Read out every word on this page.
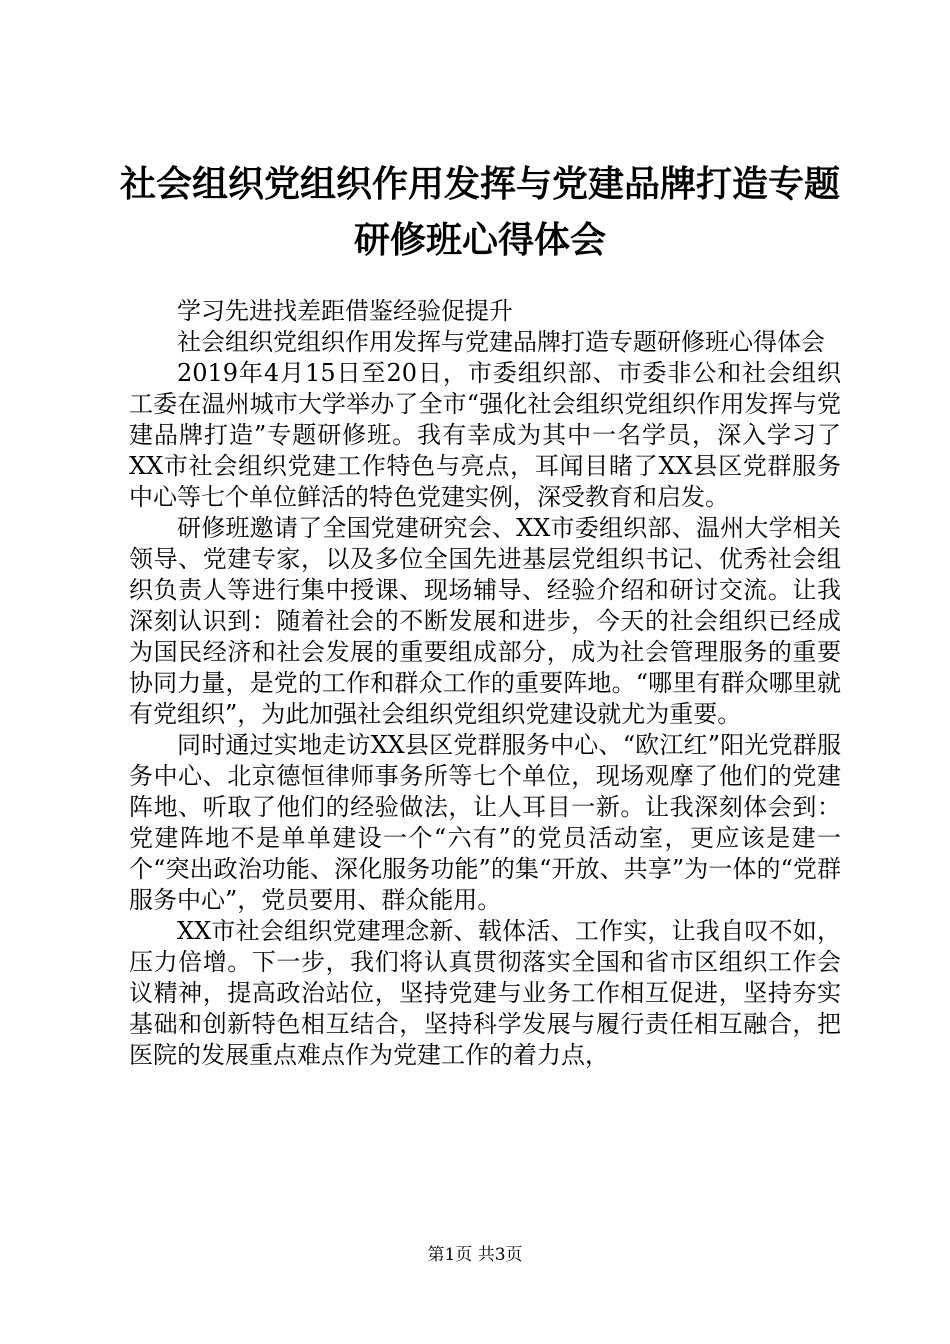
社会组织党组织作用发挥与党建品牌打造专题
研修班心得体会

学习先进找差距借鉴经验促提升

社会组织党组织作用发挥与党建品牌打造专题研修班心得体会

2019年4月15日至20日，市委组织部、市委非公和社会组织工委在温州城市大学举办了全市“强化社会组织党组织作用发挥与党建品牌打造”专题研修班。我有幸成为其中一名学员，深入学习了XX市社会组织党建工作特色与亮点，耳闻目睹了XX县区党群服务中心等七个单位鲜活的特色党建实例，深受教育和启发。

研修班邀请了全国党建研究会、XX市委组织部、温州大学相关领导、党建专家，以及多位全国先进基层党组织书记、优秀社会组织负责人等进行集中授课、现场辅导、经验介绍和研讨交流。让我深刻认识到：随着社会的不断发展和进步，今天的社会组织已经成为国民经济和社会发展的重要组成部分，成为社会管理服务的重要协同力量，是党的工作和群众工作的重要阵地。“哪里有群众哪里就有党组织”，为此加强社会组织党组织党建设就尤为重要。

同时通过实地走访XX县区党群服务中心、“欧江红”阳光党群服务中心、北京德恒律师事务所等七个单位，现场观摩了他们的党建阵地、听取了他们的经验做法，让人耳目一新。让我深刻体会到：党建阵地不是单单建设一个“六有”的党员活动室，更应该是建一个“突出政治功能、深化服务功能”的集“开放、共享”为一体的“党群服务中心”，党员要用、群众能用。

XX市社会组织党建理念新、载体活、工作实，让我自叹不如，压力倍增。下一步，我们将认真贯彻落实全国和省市区组织工作会议精神，提高政治站位，坚持党建与业务工作相互促进，坚持夯实基础和创新特色相互结合，坚持科学发展与履行责任相互融合，把医院的发展重点难点作为党建工作的着力点，

第1页 共3页
